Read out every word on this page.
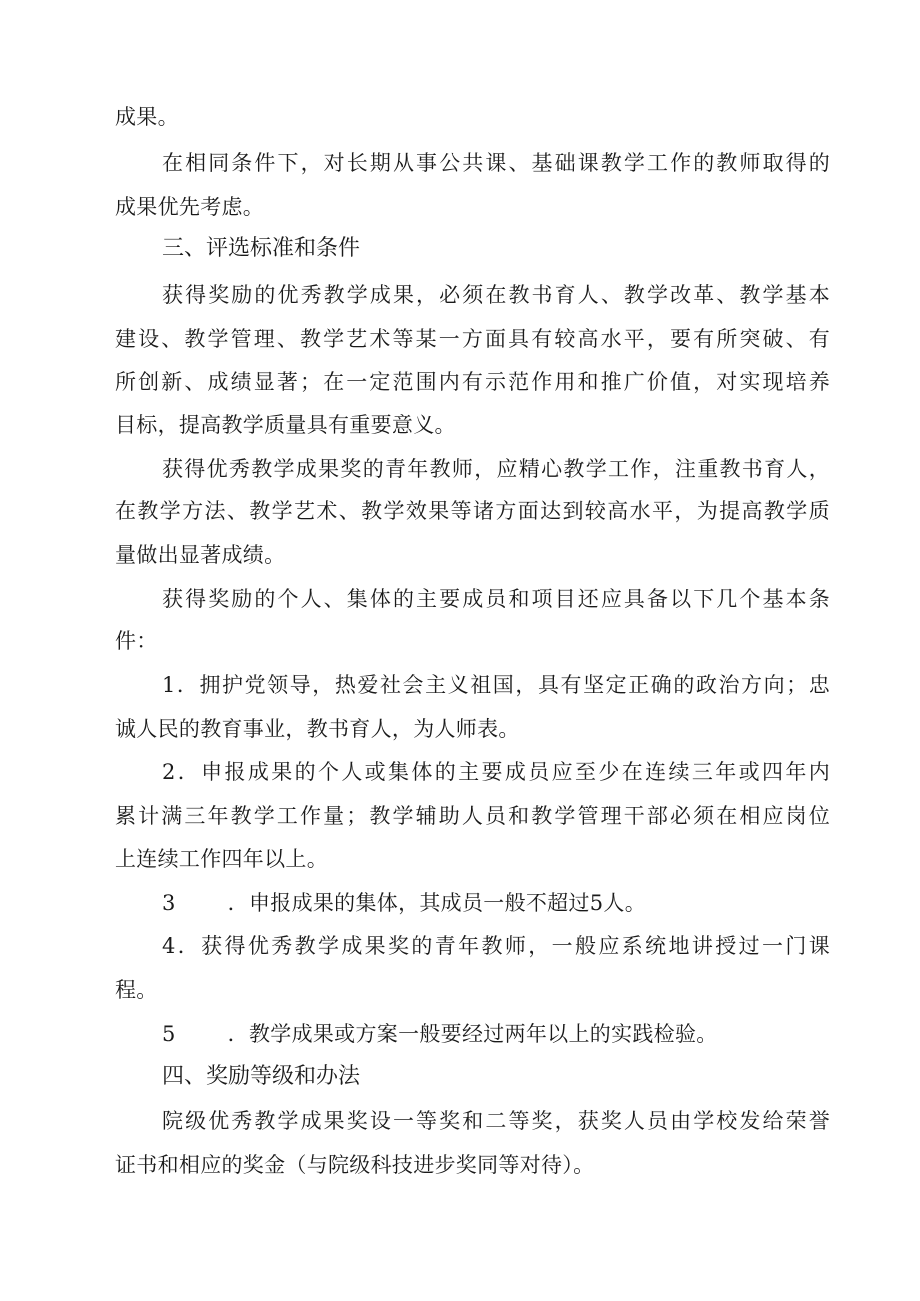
成果。
在相同条件下，对长期从事公共课、基础课教学工作的教师取得的
成果优先考虑。
三、评选标准和条件
获得奖励的优秀教学成果，必须在教书育人、教学改革、教学基本
建设、教学管理、教学艺术等某一方面具有较高水平，要有所突破、有
所创新、成绩显著；在一定范围内有示范作用和推广价值，对实现培养
目标，提高教学质量具有重要意义。
获得优秀教学成果奖的青年教师，应精心教学工作，注重教书育人，
在教学方法、教学艺术、教学效果等诸方面达到较高水平，为提高教学质
量做出显著成绩。
获得奖励的个人、集体的主要成员和项目还应具备以下几个基本条
件：
1．拥护党领导，热爱社会主义祖国，具有坚定正确的政治方向；忠
诚人民的教育事业，教书育人，为人师表。
2．申报成果的个人或集体的主要成员应至少在连续三年或四年内
累计满三年教学工作量；教学辅助人员和教学管理干部必须在相应岗位
上连续工作四年以上。
3 ．申报成果的集体，其成员一般不超过5人。
4．获得优秀教学成果奖的青年教师，一般应系统地讲授过一门课
程。
5 ．教学成果或方案一般要经过两年以上的实践检验。
四、奖励等级和办法
院级优秀教学成果奖设一等奖和二等奖，获奖人员由学校发给荣誉
证书和相应的奖金（与院级科技进步奖同等对待）。
